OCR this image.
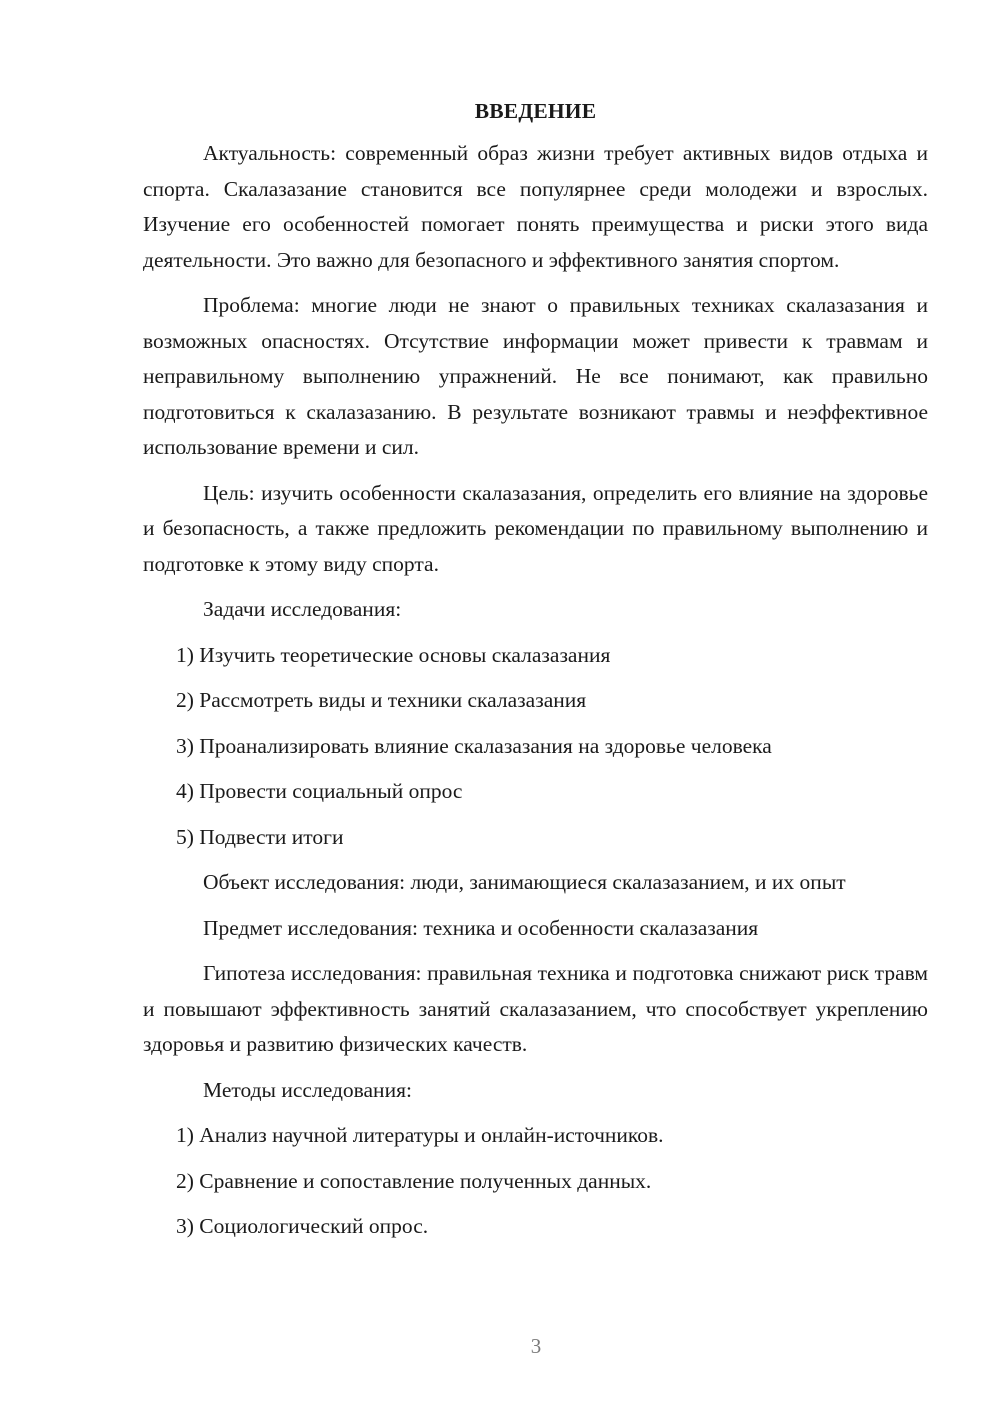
ВВЕДЕНИЕ

Актуальность: современный образ жизни требует активных видов отдыха и спорта. Скалазазание становится все популярнее среди молодежи и взрослых. Изучение его особенностей помогает понять преимущества и риски этого вида деятельности. Это важно для безопасного и эффективного занятия спортом.

Проблема: многие люди не знают о правильных техниках скалазазания и возможных опасностях. Отсутствие информации может привести к травмам и неправильному выполнению упражнений. Не все понимают, как правильно подготовиться к скалазазанию. В результате возникают травмы и неэффективное использование времени и сил.

Цель: изучить особенности скалазазания, определить его влияние на здоровье и безопасность, а также предложить рекомендации по правильному выполнению и подготовке к этому виду спорта.

Задачи исследования:

1) Изучить теоретические основы скалазазания

2) Рассмотреть виды и техники скалазазания

3) Проанализировать влияние скалазазания на здоровье человека

4) Провести социальный опрос

5) Подвести итоги

Объект исследования: люди, занимающиеся скалазазанием, и их опыт

Предмет исследования: техника и особенности скалазазания

Гипотеза исследования: правильная техника и подготовка снижают риск травм и повышают эффективность занятий скалазазанием, что способствует укреплению здоровья и развитию физических качеств.

Методы исследования:

1) Анализ научной литературы и онлайн-источников.

2) Сравнение и сопоставление полученных данных.

3) Социологический опрос.

3
